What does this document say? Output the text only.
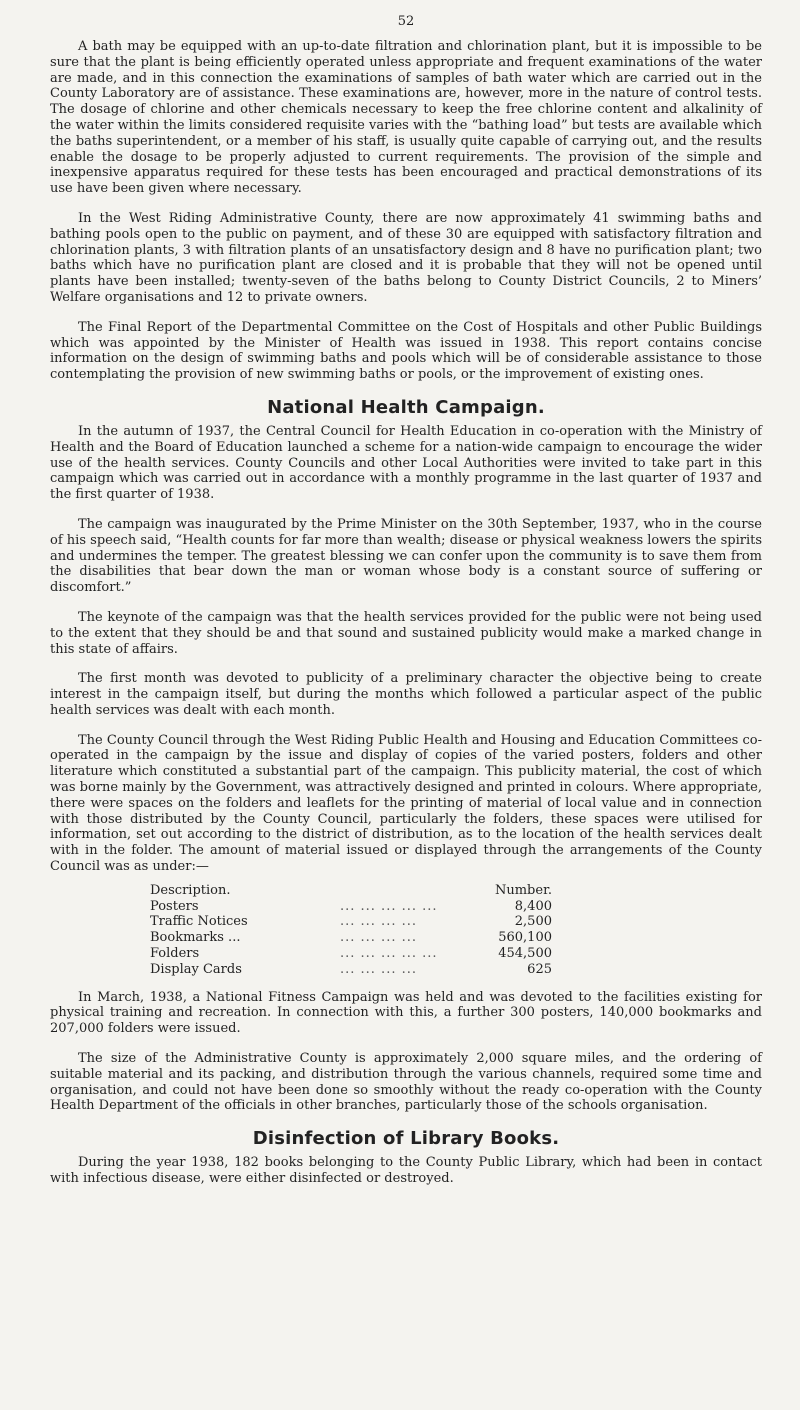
52

A bath may be equipped with an up-to-date filtration and chlorination plant, but it is impossible to be sure that the plant is being efficiently operated unless appropriate and frequent examinations of the water are made, and in this connection the examinations of samples of bath water which are carried out in the County Laboratory are of assistance. These examinations are, however, more in the nature of control tests. The dosage of chlorine and other chemicals necessary to keep the free chlorine content and alkalinity of the water within the limits considered requisite varies with the “bathing load” but tests are available which the baths superintendent, or a member of his staff, is usually quite capable of carrying out, and the results enable the dosage to be properly adjusted to current requirements. The provision of the simple and inexpensive apparatus required for these tests has been encouraged and practical demonstrations of its use have been given where necessary.

In the West Riding Administrative County, there are now approximately 41 swimming baths and bathing pools open to the public on payment, and of these 30 are equipped with satisfactory filtration and chlorination plants, 3 with filtration plants of an unsatisfactory design and 8 have no purification plant; two baths which have no purification plant are closed and it is probable that they will not be opened until plants have been installed; twenty-seven of the baths belong to County District Councils, 2 to Miners’ Welfare organisations and 12 to private owners.

The Final Report of the Departmental Committee on the Cost of Hospitals and other Public Buildings which was appointed by the Minister of Health was issued in 1938. This report contains concise information on the design of swimming baths and pools which will be of considerable assistance to those contemplating the provision of new swimming baths or pools, or the improvement of existing ones.

National Health Campaign.

In the autumn of 1937, the Central Council for Health Education in co-operation with the Ministry of Health and the Board of Education launched a scheme for a nation-wide campaign to encourage the wider use of the health services. County Councils and other Local Authorities were invited to take part in this campaign which was carried out in accordance with a monthly programme in the last quarter of 1937 and the first quarter of 1938.

The campaign was inaugurated by the Prime Minister on the 30th September, 1937, who in the course of his speech said, “Health counts for far more than wealth; disease or physical weakness lowers the spirits and undermines the temper. The greatest blessing we can confer upon the community is to save them from the disabilities that bear down the man or woman whose body is a constant source of suffering or discomfort.”

The keynote of the campaign was that the health services provided for the public were not being used to the extent that they should be and that sound and sustained publicity would make a marked change in this state of affairs.

The first month was devoted to publicity of a preliminary character the objective being to create interest in the campaign itself, but during the months which followed a particular aspect of the public health services was dealt with each month.

The County Council through the West Riding Public Health and Housing and Education Committees co-operated in the campaign by the issue and display of copies of the varied posters, folders and other literature which constituted a substantial part of the campaign. This publicity material, the cost of which was borne mainly by the Government, was attractively designed and printed in colours. Where appropriate, there were spaces on the folders and leaflets for the printing of material of local value and in connection with those distributed by the County Council, particularly the folders, these spaces were utilised for information, set out according to the district of distribution, as to the location of the health services dealt with in the folder. The amount of material issued or displayed through the arrangements of the County Council was as under:—

Description.		Number.
Posters	... ... ... ... ...	8,400
Traffic Notices	... ... ... ...	2,500
Bookmarks ...	... ... ... ...	560,100
Folders	... ... ... ... ...	454,500
Display Cards	... ... ... ...	625

In March, 1938, a National Fitness Campaign was held and was devoted to the facilities existing for physical training and recreation. In connection with this, a further 300 posters, 140,000 bookmarks and 207,000 folders were issued.

The size of the Administrative County is approximately 2,000 square miles, and the ordering of suitable material and its packing, and distribution through the various channels, required some time and organisation, and could not have been done so smoothly without the ready co-operation with the County Health Department of the officials in other branches, particularly those of the schools organisation.

Disinfection of Library Books.

During the year 1938, 182 books belonging to the County Public Library, which had been in contact with infectious disease, were either disinfected or destroyed.
